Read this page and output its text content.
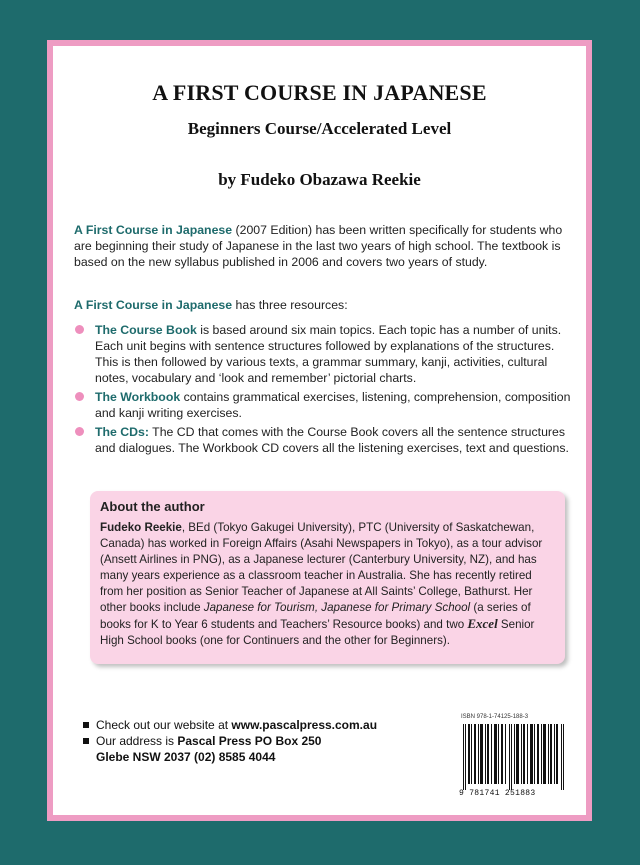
A FIRST COURSE IN JAPANESE
Beginners Course/Accelerated Level
by Fudeko Obazawa Reekie
A First Course in Japanese (2007 Edition) has been written specifically for students who are beginning their study of Japanese in the last two years of high school. The textbook is based on the new syllabus published in 2006 and covers two years of study.
A First Course in Japanese has three resources:
The Course Book is based around six main topics. Each topic has a number of units. Each unit begins with sentence structures followed by explanations of the structures. This is then followed by various texts, a grammar summary, kanji, activities, cultural notes, vocabulary and ‘look and remember’ pictorial charts.
The Workbook contains grammatical exercises, listening, comprehension, composition and kanji writing exercises.
The CDs: The CD that comes with the Course Book covers all the sentence structures and dialogues. The Workbook CD covers all the listening exercises, text and questions.
About the author
Fudeko Reekie, BEd (Tokyo Gakugei University), PTC (University of Saskatchewan, Canada) has worked in Foreign Affairs (Asahi Newspapers in Tokyo), as a tour advisor (Ansett Airlines in PNG), as a Japanese lecturer (Canterbury University, NZ), and has many years experience as a classroom teacher in Australia. She has recently retired from her position as Senior Teacher of Japanese at All Saints’ College, Bathurst. Her other books include Japanese for Tourism, Japanese for Primary School (a series of books for K to Year 6 students and Teachers’ Resource books) and two Excel Senior High School books (one for Continuers and the other for Beginners).
Check out our website at www.pascalpress.com.au
Our address is Pascal Press PO Box 250
Glebe NSW 2037 (02) 8585 4044
ISBN 978-1-74125-188-3
9 781741 251883
